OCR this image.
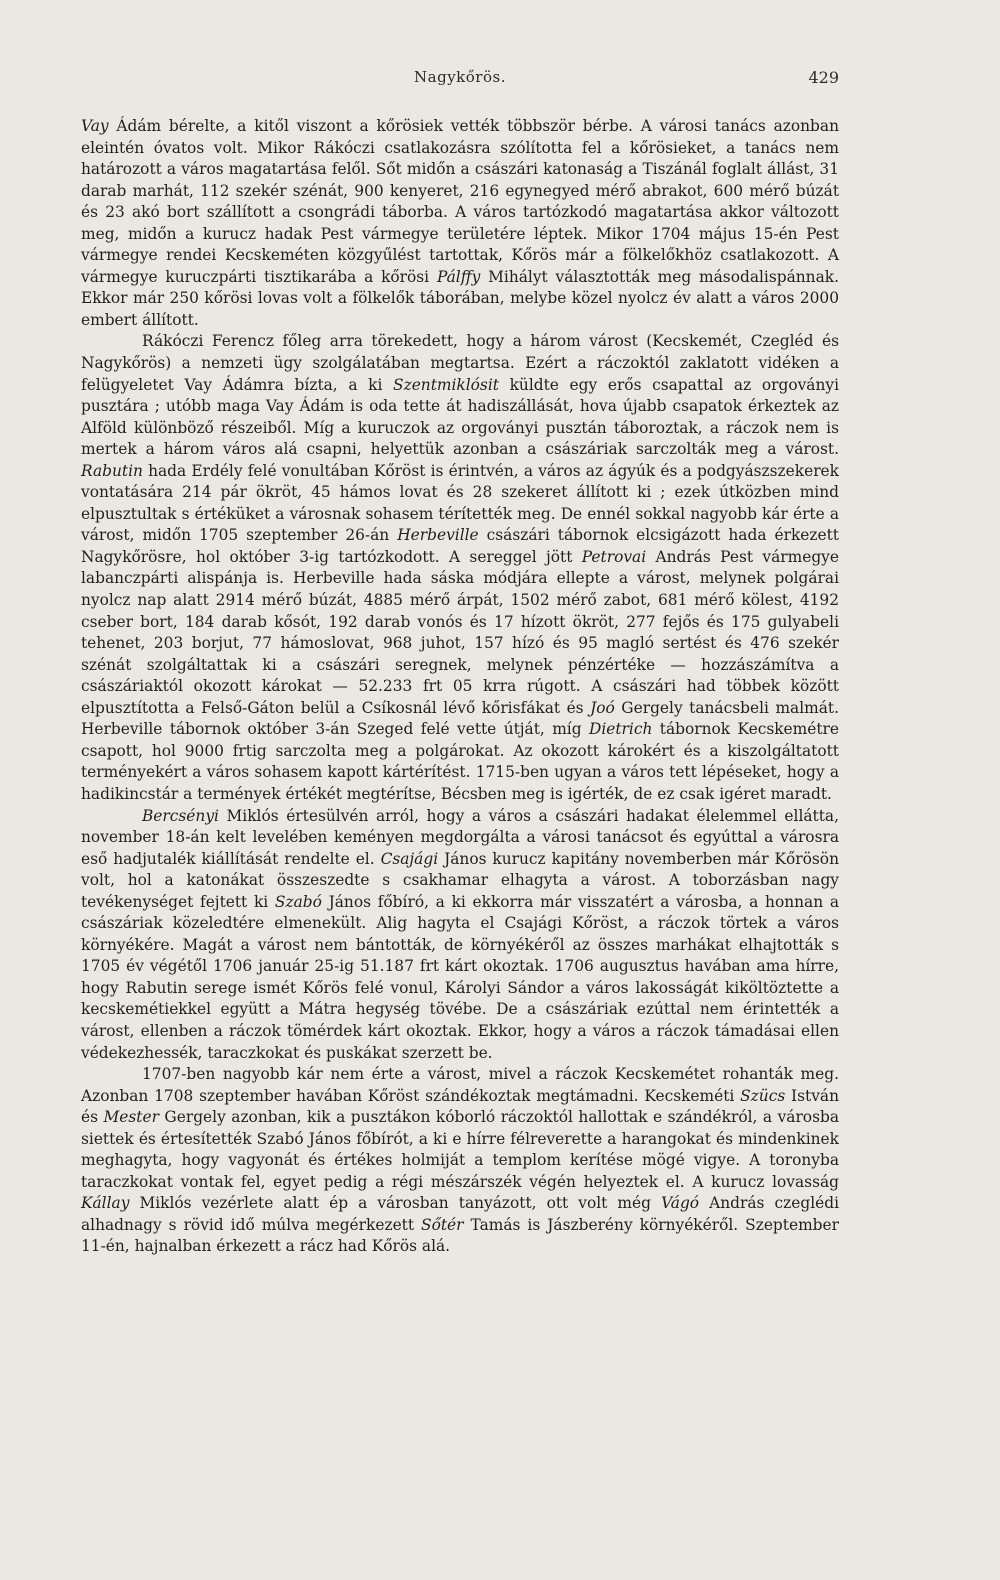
Nagykőrös.	429

Vay Ádám bérelte, a kitől viszont a kőrösiek vették többször bérbe. A városi tanács azonban eleintén óvatos volt. Mikor Rákóczi csatlakozásra szólította fel a kőrösieket, a tanács nem határozott a város magatartása felől. Sőt midőn a császári katonaság a Tiszánál foglalt állást, 31 darab marhát, 112 szekér szénát, 900 kenyeret, 216 egynegyed mérő abrakot, 600 mérő búzát és 23 akó bort szállított a csongrádi táborba. A város tartózkodó magatartása akkor változott meg, midőn a kurucz hadak Pest vármegye területére léptek. Mikor 1704 május 15-én Pest vármegye rendei Kecskeméten közgyűlést tartottak, Kőrös már a fölkelőkhöz csatlakozott. A vármegye kuruczpárti tisztikarába a kőrösi Pálffy Mihályt választották meg másodalispánnak. Ekkor már 250 kőrösi lovas volt a fölkelők táborában, melybe közel nyolcz év alatt a város 2000 embert állított.

Rákóczi Ferencz főleg arra törekedett, hogy a három várost (Kecskemét, Czegléd és Nagykőrös) a nemzeti ügy szolgálatában megtartsa. Ezért a ráczoktól zaklatott vidéken a felügyeletet Vay Ádámra bízta, a ki Szentmiklósit küldte egy erős csapattal az orgoványi pusztára ; utóbb maga Vay Ádám is oda tette át hadiszállását, hova újabb csapatok érkeztek az Alföld különböző részeiből. Míg a kuruczok az orgoványi pusztán táboroztak, a ráczok nem is mertek a három város alá csapni, helyettük azonban a császáriak sarczolták meg a várost. Rabutin hada Erdély felé vonultában Kőröst is érintvén, a város az ágyúk és a podgyászszekerek vontatására 214 pár ökröt, 45 hámos lovat és 28 szekeret állított ki ; ezek útközben mind elpusztultak s értéküket a városnak sohasem térítették meg. De ennél sokkal nagyobb kár érte a várost, midőn 1705 szeptember 26-án Herbeville császári tábornok elcsigázott hada érkezett Nagykőrösre, hol október 3-ig tartózkodott. A sereggel jött Petrovai András Pest vármegye labanczpárti alispánja is. Herbeville hada sáska módjára ellepte a várost, melynek polgárai nyolcz nap alatt 2914 mérő búzát, 4885 mérő árpát, 1502 mérő zabot, 681 mérő kölest, 4192 cseber bort, 184 darab kősót, 192 darab vonós és 17 hízott ökröt, 277 fejős és 175 gulyabeli tehenet, 203 borjut, 77 hámoslovat, 968 juhot, 157 hízó és 95 magló sertést és 476 szekér szénát szolgáltattak ki a császári seregnek, melynek pénzértéke — hozzászámítva a császáriaktól okozott károkat — 52.233 frt 05 krra rúgott. A császári had többek között elpusztította a Felső-Gáton belül a Csíkosnál lévő kőrisfákat és Joó Gergely tanácsbeli malmát. Herbeville tábornok október 3-án Szeged felé vette útját, míg Dietrich tábornok Kecskemétre csapott, hol 9000 frtig sarczolta meg a polgárokat. Az okozott károkért és a kiszolgáltatott terményekért a város sohasem kapott kártérítést. 1715-ben ugyan a város tett lépéseket, hogy a hadikincstár a termények értékét megtérítse, Bécsben meg is igérték, de ez csak igéret maradt.

Bercsényi Miklós értesülvén arról, hogy a város a császári hadakat élelemmel ellátta, november 18-án kelt levelében keményen megdorgálta a városi tanácsot és egyúttal a városra eső hadjutalék kiállítását rendelte el. Csajági János kurucz kapitány novemberben már Kőrösön volt, hol a katonákat összeszedte s csakhamar elhagyta a várost. A toborzásban nagy tevékenységet fejtett ki Szabó János főbíró, a ki ekkorra már visszatért a városba, a honnan a császáriak közeledtére elmenekült. Alig hagyta el Csajági Kőröst, a ráczok törtek a város környékére. Magát a várost nem bántották, de környékéről az összes marhákat elhajtották s 1705 év végétől 1706 január 25-ig 51.187 frt kárt okoztak. 1706 augusztus havában ama hírre, hogy Rabutin serege ismét Kőrös felé vonul, Károlyi Sándor a város lakosságát kiköltöztette a kecskemétiekkel együtt a Mátra hegység tövébe. De a császáriak ezúttal nem érintették a várost, ellenben a ráczok tömérdek kárt okoztak. Ekkor, hogy a város a ráczok támadásai ellen védekezhessék, taraczkokat és puskákat szerzett be.

1707-ben nagyobb kár nem érte a várost, mivel a ráczok Kecskemétet rohanták meg. Azonban 1708 szeptember havában Kőröst szándékoztak megtámadni. Kecskeméti Szücs István és Mester Gergely azonban, kik a pusztákon kóborló ráczoktól hallottak e szándékról, a városba siettek és értesítették Szabó János főbírót, a ki e hírre félreverette a harangokat és mindenkinek meghagyta, hogy vagyonát és értékes holmiját a templom kerítése mögé vigye. A toronyba taraczkokat vontak fel, egyet pedig a régi mészárszék végén helyeztek el. A kurucz lovasság Kállay Miklós vezérlete alatt ép a városban tanyázott, ott volt még Vágó András czeglédi alhadnagy s rövid idő múlva megérkezett Sőtér Tamás is Jászberény környékéről. Szeptember 11-én, hajnalban érkezett a rácz had Kőrös alá.
